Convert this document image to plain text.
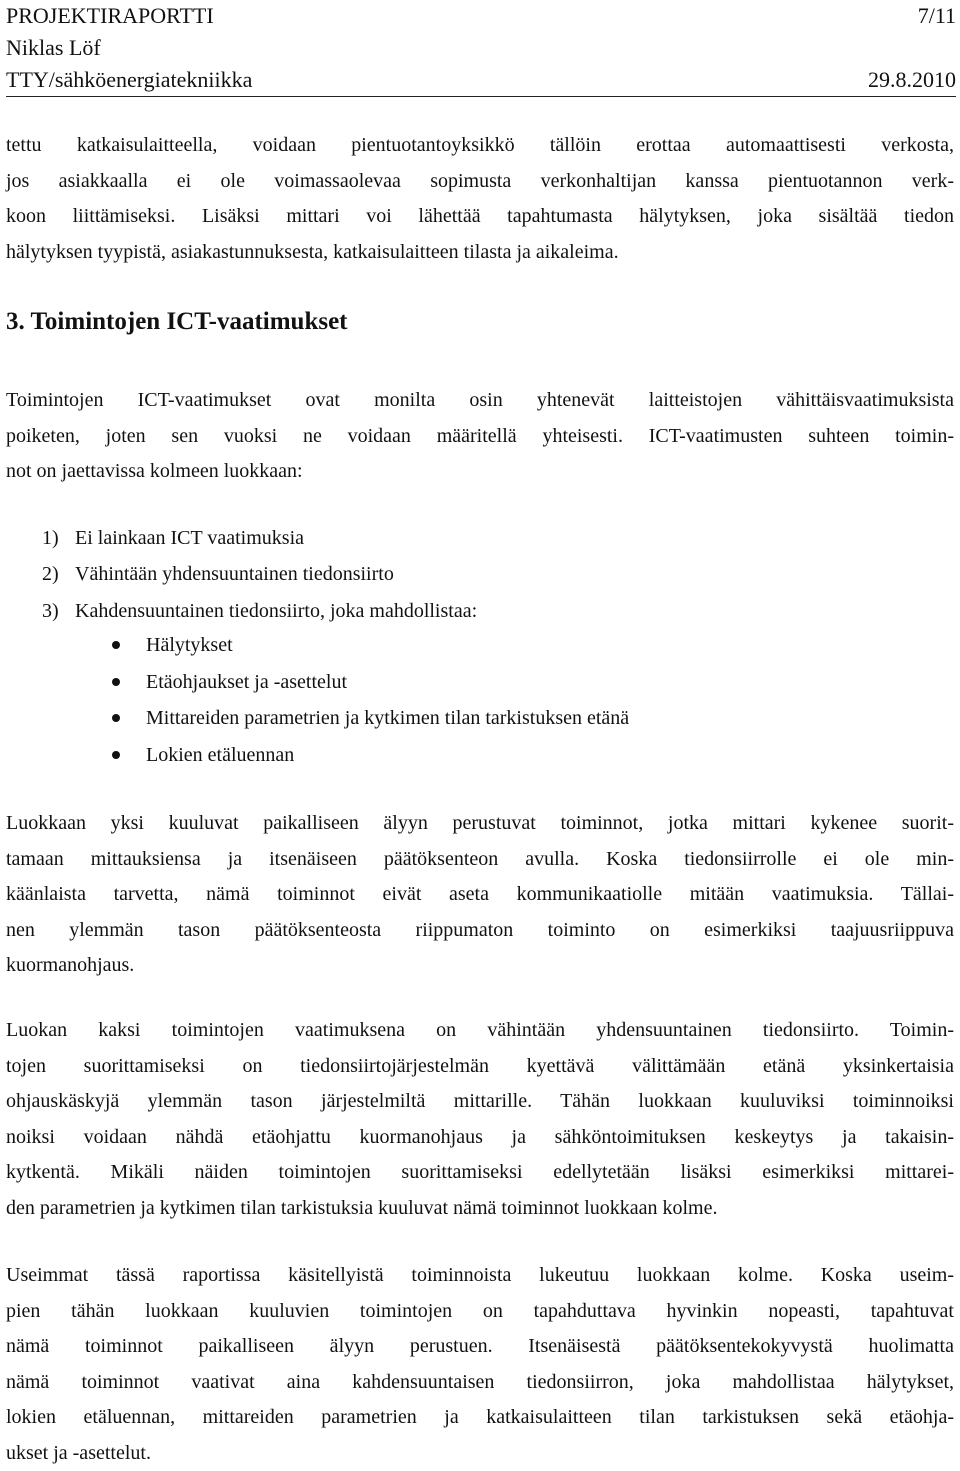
PROJEKTIRAPORTTI	7/11
Niklas Löf
TTY/sähköenergiatekniikka	29.8.2010

tettu katkaisulaitteella, voidaan pientuotantoyksikkö tällöin erottaa automaattisesti verkosta,
jos asiakkaalla ei ole voimassaolevaa sopimusta verkonhaltijan kanssa pientuotannon verk-
koon liittämiseksi. Lisäksi mittari voi lähettää tapahtumasta hälytyksen, joka sisältää tiedon
hälytyksen tyypistä, asiakastunnuksesta, katkaisulaitteen tilasta ja aikaleima.

3. Toimintojen ICT-vaatimukset

Toimintojen ICT-vaatimukset ovat monilta osin yhtenevät laitteistojen vähittäisvaatimuksista
poiketen, joten sen vuoksi ne voidaan määritellä yhteisesti. ICT-vaatimusten suhteen toimin-
not on jaettavissa kolmeen luokkaan:

1) Ei lainkaan ICT vaatimuksia
2) Vähintään yhdensuuntainen tiedonsiirto
3) Kahdensuuntainen tiedonsiirto, joka mahdollistaa:
Hälytykset
Etäohjaukset ja -asettelut
Mittareiden parametrien ja kytkimen tilan tarkistuksen etänä
Lokien etäluennan

Luokkaan yksi kuuluvat paikalliseen älyyn perustuvat toiminnot, jotka mittari kykenee suorit-
tamaan mittauksiensa ja itsenäiseen päätöksenteon avulla. Koska tiedonsiirrolle ei ole min-
käänlaista tarvetta, nämä toiminnot eivät aseta kommunikaatiolle mitään vaatimuksia. Tällai-
nen ylemmän tason päätöksenteosta riippumaton toiminto on esimerkiksi taajuusriippuva
kuormanohjaus.

Luokan kaksi toimintojen vaatimuksena on vähintään yhdensuuntainen tiedonsiirto. Toimin-
tojen suorittamiseksi on tiedonsiirtojärjestelmän kyettävä välittämään etänä yksinkertaisia
ohjauskäskyjä ylemmän tason järjestelmiltä mittarille. Tähän luokkaan kuuluviksi toiminnoiksi
noiksi voidaan nähdä etäohjattu kuormanohjaus ja sähköntoimituksen keskeytys ja takaisin-
kytkentä. Mikäli näiden toimintojen suorittamiseksi edellytetään lisäksi esimerkiksi mittarei-
den parametrien ja kytkimen tilan tarkistuksia kuuluvat nämä toiminnot luokkaan kolme.

Useimmat tässä raportissa käsitellyistä toiminnoista lukeutuu luokkaan kolme. Koska useim-
pien tähän luokkaan kuuluvien toimintojen on tapahduttava hyvinkin nopeasti, tapahtuvat
nämä toiminnot paikalliseen älyyn perustuen. Itsenäisestä päätöksentekokyvystä huolimatta
nämä toiminnot vaativat aina kahdensuuntaisen tiedonsiirron, joka mahdollistaa hälytykset,
lokien etäluennan, mittareiden parametrien ja katkaisulaitteen tilan tarkistuksen sekä etäohja-
ukset ja -asettelut.
